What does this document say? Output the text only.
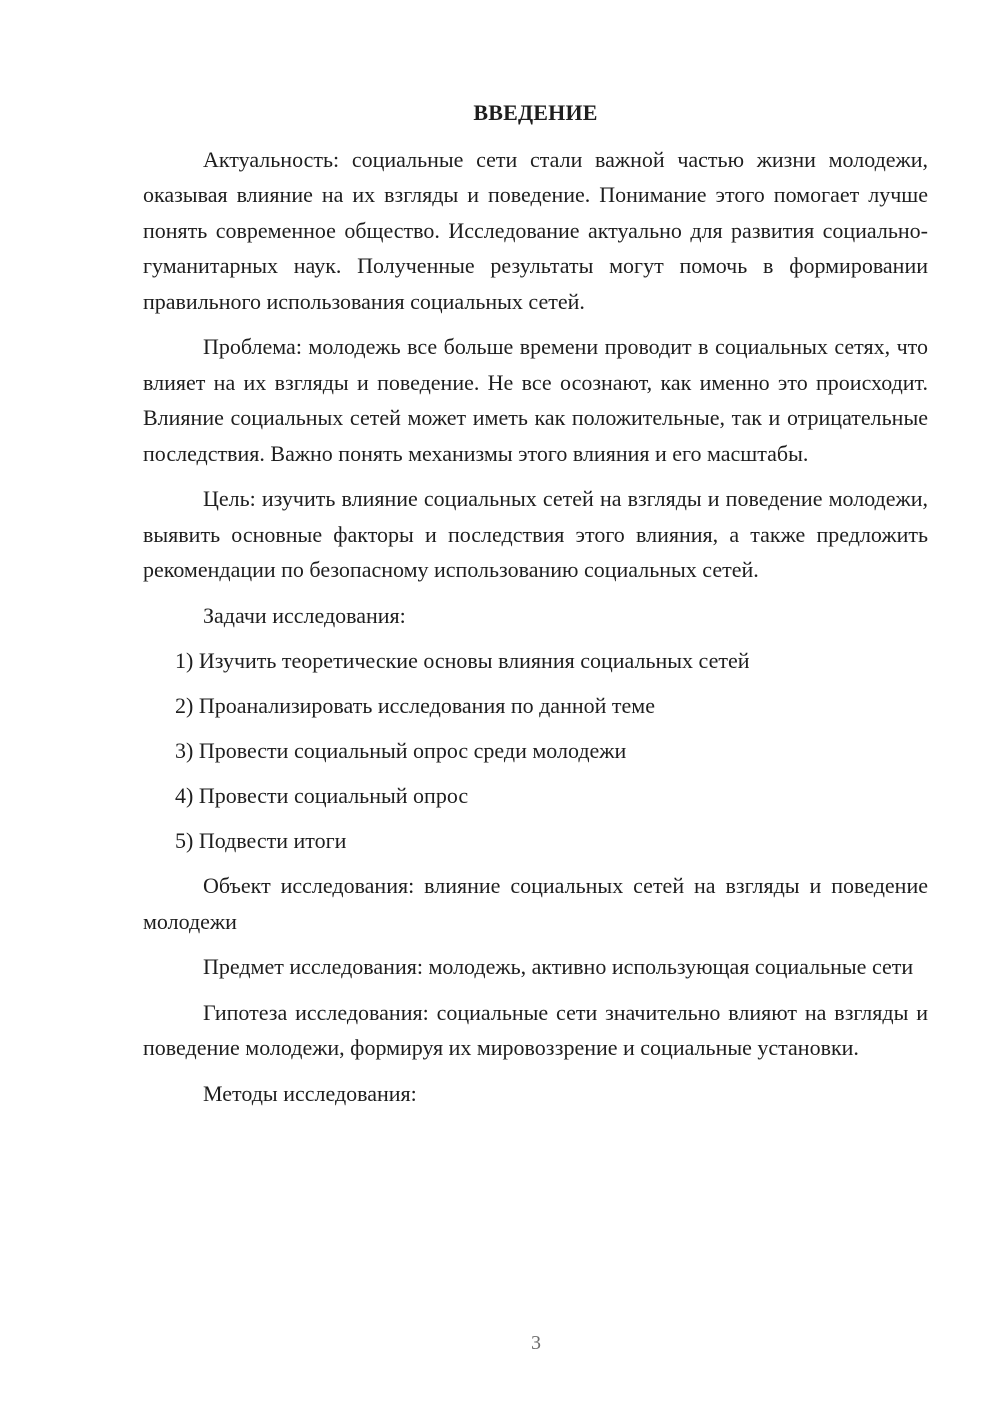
ВВЕДЕНИЕ

Актуальность: социальные сети стали важной частью жизни молодежи, оказывая влияние на их взгляды и поведение. Понимание этого помогает лучше понять современное общество. Исследование актуально для развития социально-гуманитарных наук. Полученные результаты могут помочь в формировании правильного использования социальных сетей.

Проблема: молодежь все больше времени проводит в социальных сетях, что влияет на их взгляды и поведение. Не все осознают, как именно это происходит. Влияние социальных сетей может иметь как положительные, так и отрицательные последствия. Важно понять механизмы этого влияния и его масштабы.

Цель: изучить влияние социальных сетей на взгляды и поведение молодежи, выявить основные факторы и последствия этого влияния, а также предложить рекомендации по безопасному использованию социальных сетей.

Задачи исследования:

1) Изучить теоретические основы влияния социальных сетей
2) Проанализировать исследования по данной теме
3) Провести социальный опрос среди молодежи
4) Провести социальный опрос
5) Подвести итоги

Объект исследования: влияние социальных сетей на взгляды и поведение молодежи

Предмет исследования: молодежь, активно использующая социальные сети

Гипотеза исследования: социальные сети значительно влияют на взгляды и поведение молодежи, формируя их мировоззрение и социальные установки.

Методы исследования:

3
